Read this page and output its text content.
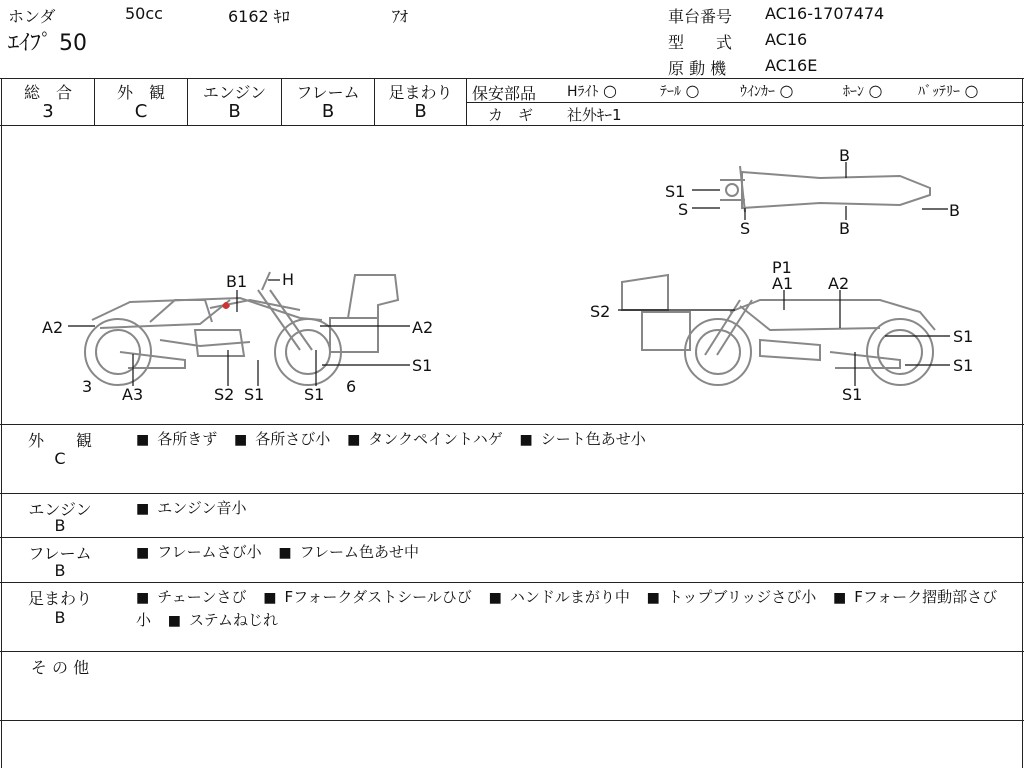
ホンダ	50cc	6162 ｷﾛ	ｱｵ
ｴｲﾌﾟ 50
車台番号 AC16-1707474
型　　式 AC16
原 動 機 AC16E
総　合	外　観	エンジン	フレーム	足まわり
3	C	B	B	B
保安部品 Hﾗｲﾄ ○	ﾃｰﾙ ○	ｳｲﾝｶｰ ○	ﾎｰﾝ ○	ﾊﾞｯﾃﾘｰ ○
カ　ギ 社外ｷｰ1
A2
B1 H
A2
S1
3 A3	S2 S1 S1 6
P1
A1 A2
S2
S1
S1
S1
B
S1
S
S
B
B
外　　観
C
■ 各所きず	■ 各所さび小	■ タンクペイントハゲ	■ シート色あせ小
エンジン
B
■ エンジン音小
フレーム
B
■ フレームさび小	■ フレーム色あせ中
足まわり
B
■ チェーンさび	■ Fフォークダストシールひび	■ ハンドルまがり中	■ トップブリッジさび小	■ Fフォーク摺動部さび小	■ ステムねじれ
そ の 他
